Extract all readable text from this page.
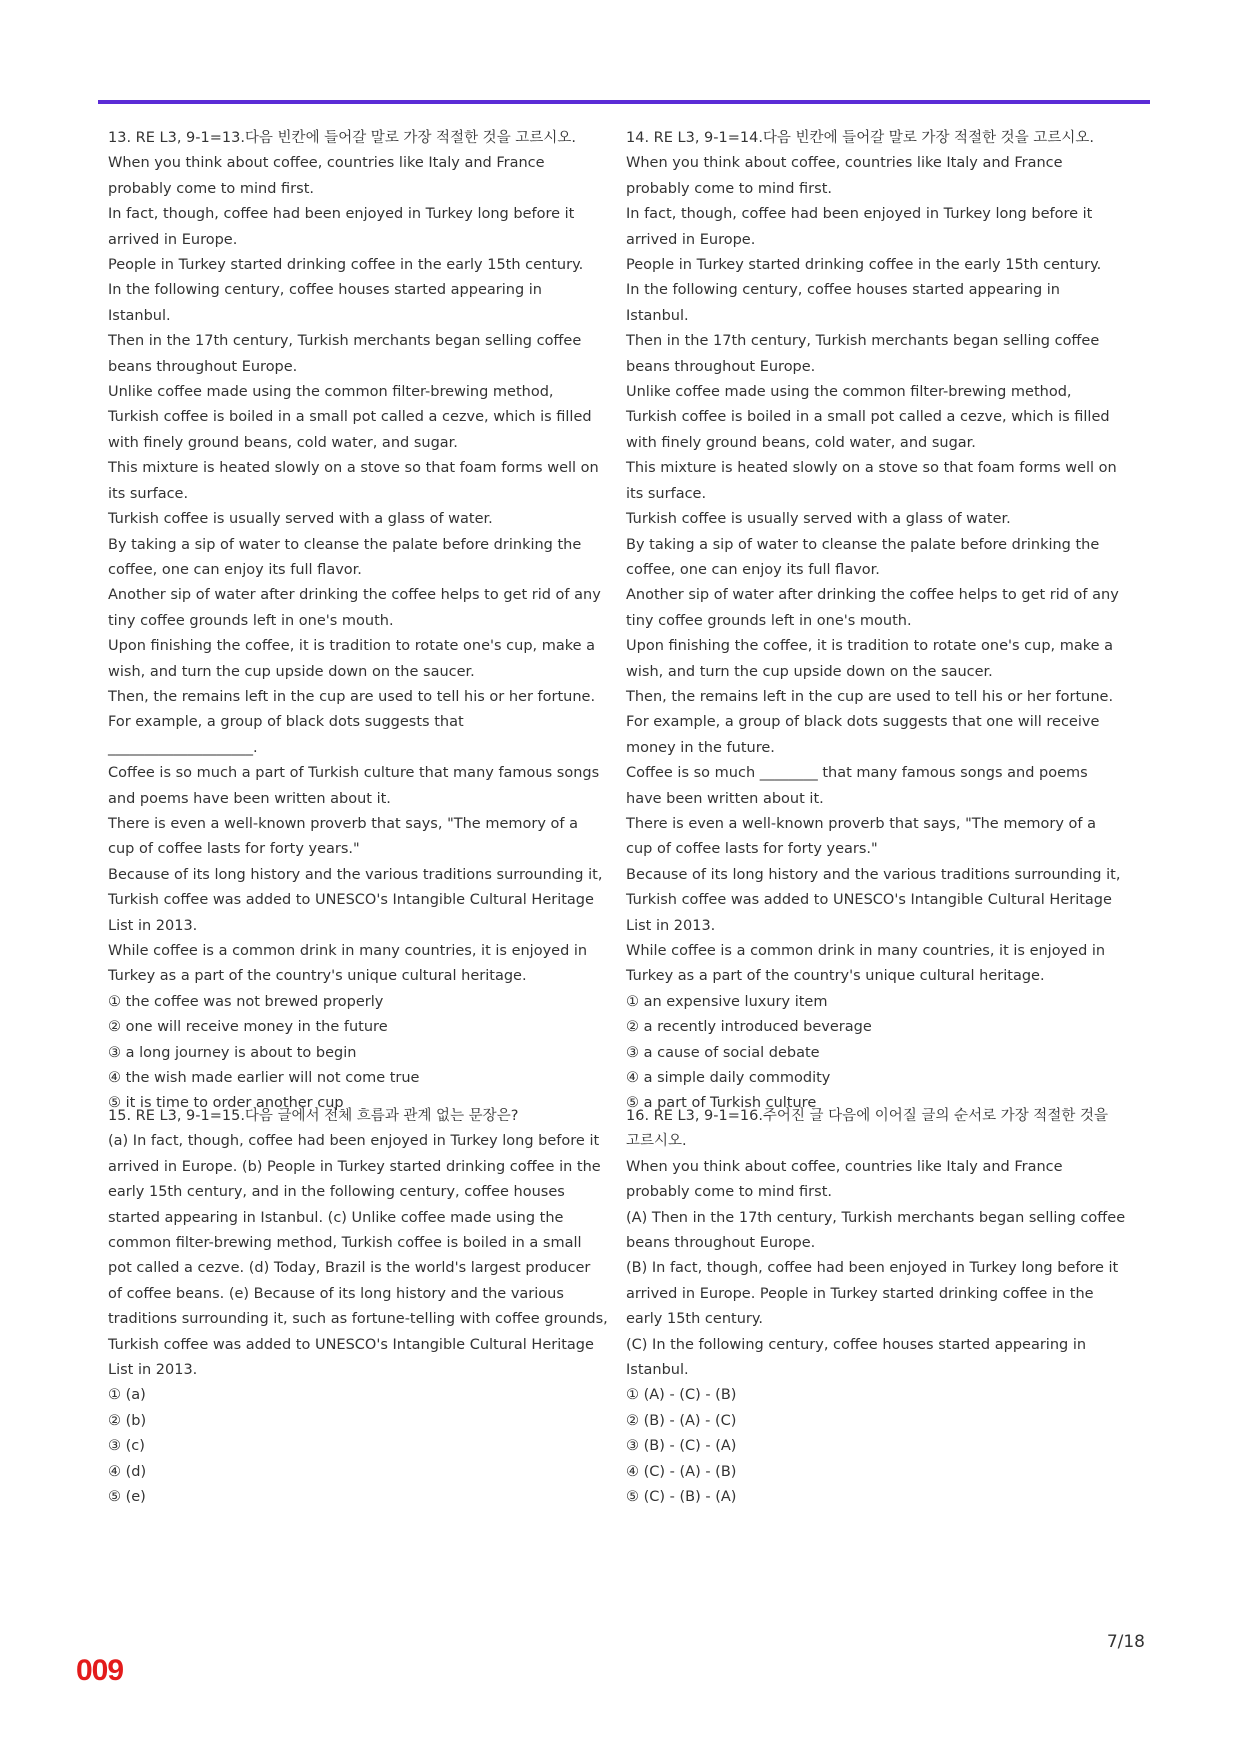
13. RE L3, 9-1=13.다음 빈칸에 들어갈 말로 가장 적절한 것을 고르시오.

When you think about coffee, countries like Italy and France probably come to mind first.

In fact, though, coffee had been enjoyed in Turkey long before it arrived in Europe.

People in Turkey started drinking coffee in the early 15th century.

In the following century, coffee houses started appearing in Istanbul.

Then in the 17th century, Turkish merchants began selling coffee beans throughout Europe.

Unlike coffee made using the common filter-brewing method, Turkish coffee is boiled in a small pot called a cezve, which is filled with finely ground beans, cold water, and sugar.

This mixture is heated slowly on a stove so that foam forms well on its surface.

Turkish coffee is usually served with a glass of water.

By taking a sip of water to cleanse the palate before drinking the coffee, one can enjoy its full flavor.

Another sip of water after drinking the coffee helps to get rid of any tiny coffee grounds left in one's mouth.

Upon finishing the coffee, it is tradition to rotate one's cup, make a wish, and turn the cup upside down on the saucer.

Then, the remains left in the cup are used to tell his or her fortune.

For example, a group of black dots suggests that ____________________.

Coffee is so much a part of Turkish culture that many famous songs and poems have been written about it.

There is even a well-known proverb that says, "The memory of a cup of coffee lasts for forty years."

Because of its long history and the various traditions surrounding it, Turkish coffee was added to UNESCO's Intangible Cultural Heritage List in 2013.

While coffee is a common drink in many countries, it is enjoyed in Turkey as a part of the country's unique cultural heritage.

① the coffee was not brewed properly

② one will receive money in the future

③ a long journey is about to begin

④ the wish made earlier will not come true

⑤ it is time to order another cup

14. RE L3, 9-1=14.다음 빈칸에 들어갈 말로 가장 적절한 것을 고르시오.

When you think about coffee, countries like Italy and France probably come to mind first.

In fact, though, coffee had been enjoyed in Turkey long before it arrived in Europe.

People in Turkey started drinking coffee in the early 15th century.

In the following century, coffee houses started appearing in Istanbul.

Then in the 17th century, Turkish merchants began selling coffee beans throughout Europe.

Unlike coffee made using the common filter-brewing method, Turkish coffee is boiled in a small pot called a cezve, which is filled with finely ground beans, cold water, and sugar.

This mixture is heated slowly on a stove so that foam forms well on its surface.

Turkish coffee is usually served with a glass of water.

By taking a sip of water to cleanse the palate before drinking the coffee, one can enjoy its full flavor.

Another sip of water after drinking the coffee helps to get rid of any tiny coffee grounds left in one's mouth.

Upon finishing the coffee, it is tradition to rotate one's cup, make a wish, and turn the cup upside down on the saucer.

Then, the remains left in the cup are used to tell his or her fortune.

For example, a group of black dots suggests that one will receive money in the future.

Coffee is so much ________ that many famous songs and poems have been written about it.

There is even a well-known proverb that says, "The memory of a cup of coffee lasts for forty years."

Because of its long history and the various traditions surrounding it, Turkish coffee was added to UNESCO's Intangible Cultural Heritage List in 2013.

While coffee is a common drink in many countries, it is enjoyed in Turkey as a part of the country's unique cultural heritage.

① an expensive luxury item

② a recently introduced beverage

③ a cause of social debate

④ a simple daily commodity

⑤ a part of Turkish culture

15. RE L3, 9-1=15.다음 글에서 전체 흐름과 관계 없는 문장은?

(a) In fact, though, coffee had been enjoyed in Turkey long before it arrived in Europe. (b) People in Turkey started drinking coffee in the early 15th century, and in the following century, coffee houses started appearing in Istanbul. (c) Unlike coffee made using the common filter-brewing method, Turkish coffee is boiled in a small pot called a cezve. (d) Today, Brazil is the world's largest producer of coffee beans. (e) Because of its long history and the various traditions surrounding it, such as fortune-telling with coffee grounds, Turkish coffee was added to UNESCO's Intangible Cultural Heritage List in 2013.

① (a)

② (b)

③ (c)

④ (d)

⑤ (e)

16. RE L3, 9-1=16.주어진 글 다음에 이어질 글의 순서로 가장 적절한 것을 고르시오.

When you think about coffee, countries like Italy and France probably come to mind first.

(A) Then in the 17th century, Turkish merchants began selling coffee beans throughout Europe.

(B) In fact, though, coffee had been enjoyed in Turkey long before it arrived in Europe. People in Turkey started drinking coffee in the early 15th century.

(C) In the following century, coffee houses started appearing in Istanbul.

① (A) - (C) - (B)

② (B) - (A) - (C)

③ (B) - (C) - (A)

④ (C) - (A) - (B)

⑤ (C) - (B) - (A)

7/18
009
